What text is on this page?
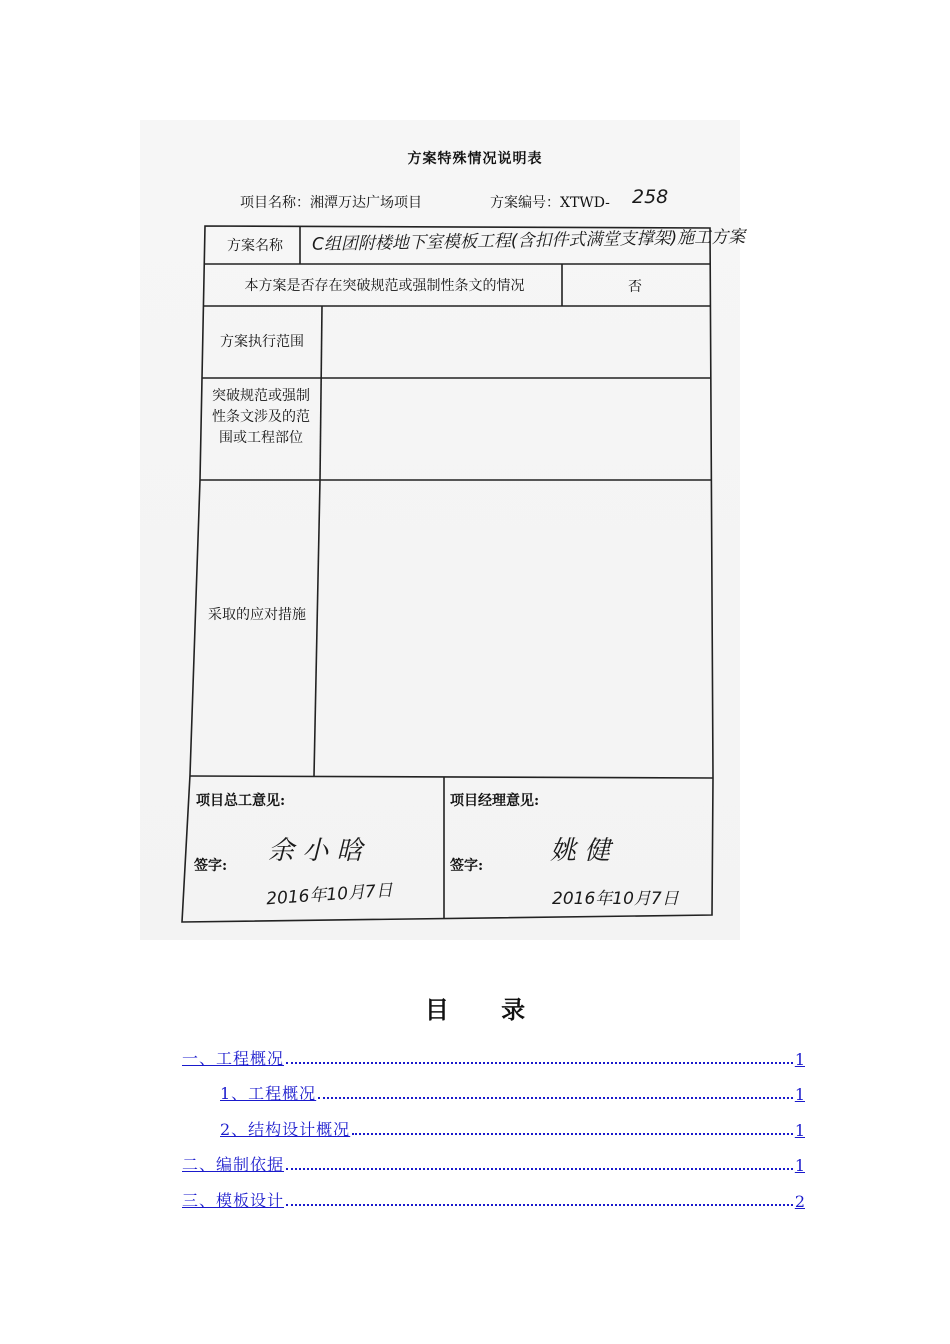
方案特殊情况说明表
项目名称：湘潭万达广场项目	方案编号：XTWD- 258
方案名称	C组团附楼地下室模板工程(含扣件式满堂支撑架)施工方案
本方案是否存在突破规范或强制性条文的情况	否
方案执行范围
突破规范或强制性条文涉及的范围或工程部位
采取的应对措施
项目总工意见:
签字: 余 小 晗
2016年10月7日
项目经理意见:
签字:	姚 健
2016年10月7日
目 录
一、工程概况	1
1、工程概况	1
2、结构设计概况	1
二、编制依据	1
三、模板设计	2
